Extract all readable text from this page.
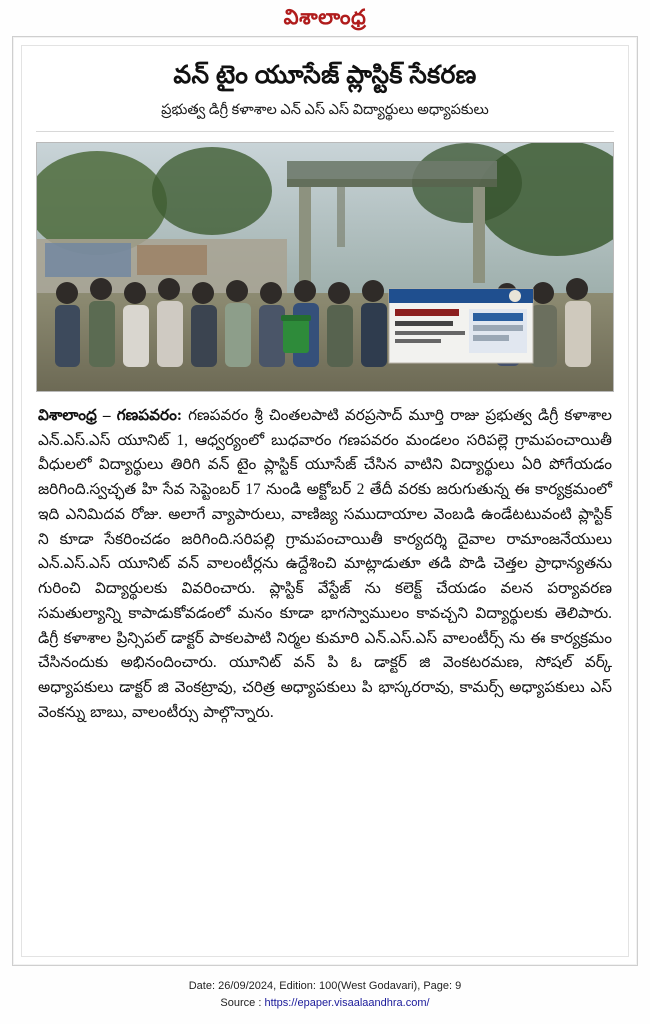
విశాలాంధ్ర
వన్ టైం యూసేజ్ ప్లాస్టిక్ సేకరణ
ప్రభుత్వ డిగ్రీ కళాశాల ఎన్ ఎస్ ఎస్ విద్యార్థులు అధ్యాపకులు
విశాలాంధ్ర – గణపవరం: గణపవరం శ్రీ చింతలపాటి వరప్రసాద్ మూర్తి రాజు ప్రభుత్వ డిగ్రీ కళాశాల ఎన్.ఎస్.ఎస్ యూనిట్ 1, ఆధ్వర్యంలో బుధవారం గణపవరం మండలం సరిపల్లె గ్రామపంచాయితీ వీధులలో విద్యార్థులు తిరిగి వన్ టైం ప్లాస్టిక్ యూసేజ్ చేసిన వాటిని విద్యార్థులు ఏరి పోగేయడం జరిగింది.స్వచ్ఛత హి సేవ సెప్టెంబర్ 17 నుండి అక్టోబర్ 2 తేదీ వరకు జరుగుతున్న ఈ కార్యక్రమంలో ఇది ఎనిమిదవ రోజు. అలాగే వ్యాపారులు, వాణిజ్య సముదాయాల వెంబడి ఉండేటటువంటి ప్లాస్టిక్ ని కూడా సేకరించడం జరిగింది.సరిపల్లి గ్రామపంచాయితీ కార్యదర్శి దైవాల రామాంజనేయులు ఎన్.ఎస్.ఎస్ యూనిట్ వన్ వాలంటీర్లను ఉద్దేశించి మాట్లాడుతూ తడి పొడి చెత్తల ప్రాధాన్యతను గురించి విద్యార్థులకు వివరించారు. ప్లాస్టిక్ వేస్టేజ్ ను కలెక్ట్ చేయడం వలన పర్యావరణ సమతుల్యాన్ని కాపాడుకోవడంలో మనం కూడా భాగస్వాములం కావచ్చని విద్యార్థులకు తెలిపారు. డిగ్రీ కళాశాల ప్రిన్సిపల్ డాక్టర్ పాకలపాటి నిర్మల కుమారి ఎన్.ఎస్.ఎస్ వాలంటీర్స్ ను ఈ కార్యక్రమం చేసినందుకు అభినందించారు. యూనిట్ వన్ పి ఓ డాక్టర్ జి వెంకటరమణ, సోషల్ వర్క్ అధ్యాపకులు డాక్టర్ జి వెంకట్రావు, చరిత్ర అధ్యాపకులు పి భాస్కరరావు, కామర్స్ అధ్యాపకులు ఎస్ వెంకన్ను బాబు, వాలంటీర్సు పాల్గొన్నారు.
Date: 26/09/2024, Edition: 100(West Godavari), Page: 9
Source : https://epaper.visaalaandhra.com/
